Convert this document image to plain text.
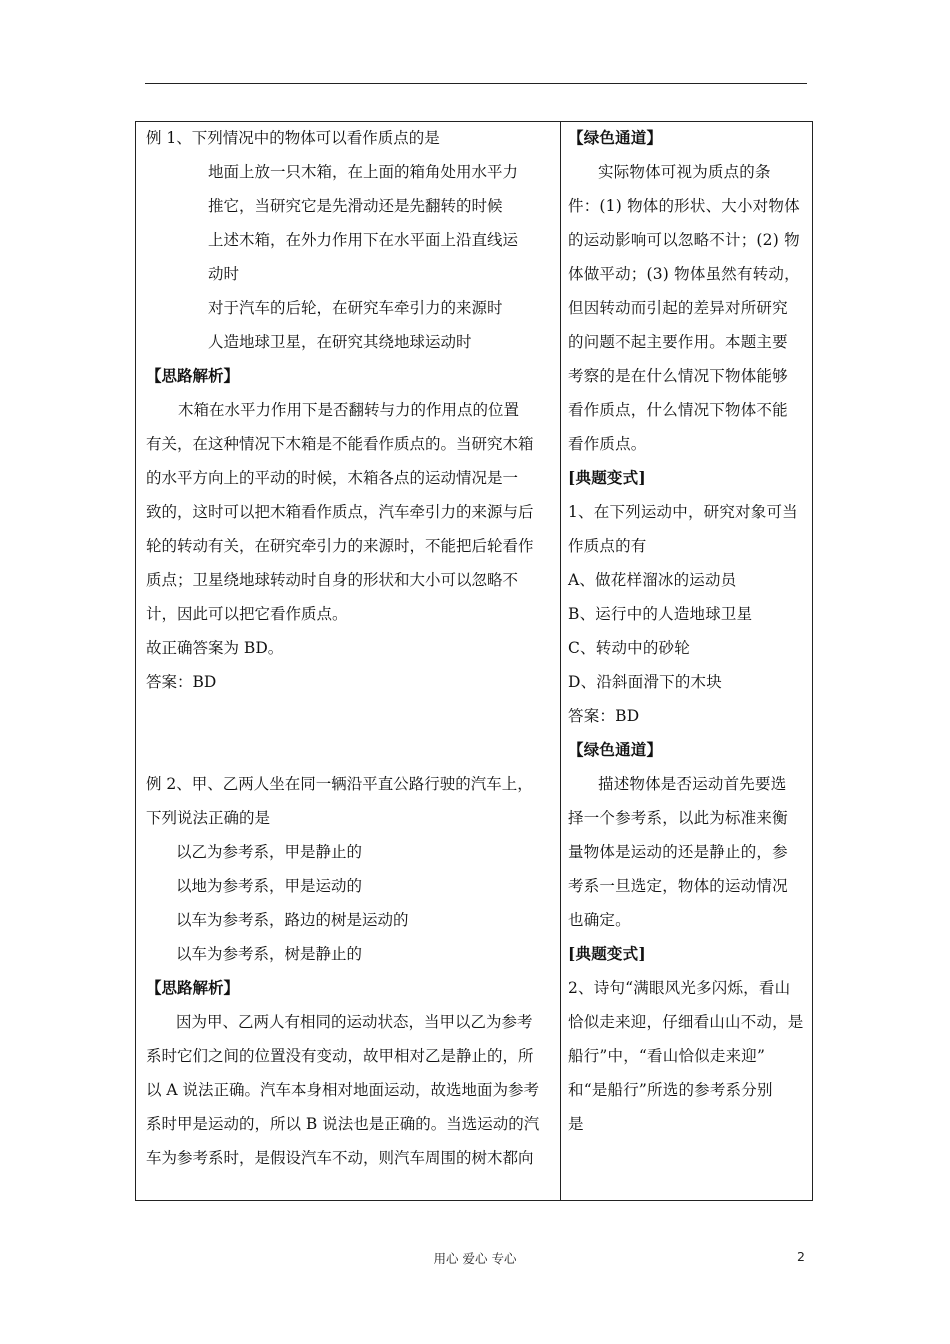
例 1、下列情况中的物体可以看作质点的是
地面上放一只木箱，在上面的箱角处用水平力
推它，当研究它是先滑动还是先翻转的时候
上述木箱，在外力作用下在水平面上沿直线运
动时
对于汽车的后轮，在研究车牵引力的来源时
人造地球卫星，在研究其绕地球运动时
【思路解析】
木箱在水平力作用下是否翻转与力的作用点的位置
有关，在这种情况下木箱是不能看作质点的。当研究木箱
的水平方向上的平动的时候，木箱各点的运动情况是一
致的，这时可以把木箱看作质点，汽车牵引力的来源与后
轮的转动有关，在研究牵引力的来源时，不能把后轮看作
质点；卫星绕地球转动时自身的形状和大小可以忽略不
计，因此可以把它看作质点。
故正确答案为 BD。
答案：BD
例 2、甲、乙两人坐在同一辆沿平直公路行驶的汽车上，
下列说法正确的是
以乙为参考系，甲是静止的
以地为参考系，甲是运动的
以车为参考系，路边的树是运动的
以车为参考系，树是静止的
【思路解析】
因为甲、乙两人有相同的运动状态，当甲以乙为参考
系时它们之间的位置没有变动，故甲相对乙是静止的，所
以 A 说法正确。汽车本身相对地面运动，故选地面为参考
系时甲是运动的，所以 B 说法也是正确的。当选运动的汽
车为参考系时，是假设汽车不动，则汽车周围的树木都向
【绿色通道】
实际物体可视为质点的条
件：(1) 物体的形状、大小对物体
的运动影响可以忽略不计；(2) 物
体做平动；(3) 物体虽然有转动，
但因转动而引起的差异对所研究
的问题不起主要作用。本题主要
考察的是在什么情况下物体能够
看作质点，什么情况下物体不能
看作质点。
[典题变式]
1、在下列运动中，研究对象可当
作质点的有
A、做花样溜冰的运动员
B、运行中的人造地球卫星
C、转动中的砂轮
D、沿斜面滑下的木块
答案：BD
【绿色通道】
描述物体是否运动首先要选
择一个参考系，以此为标准来衡
量物体是运动的还是静止的，参
考系一旦选定，物体的运动情况
也确定。
[典题变式]
2、诗句“满眼风光多闪烁，看山
恰似走来迎，仔细看山山不动，是
船行”中，“看山恰似走来迎”
和“是船行”所选的参考系分别
是
用心 爱心 专心	2
